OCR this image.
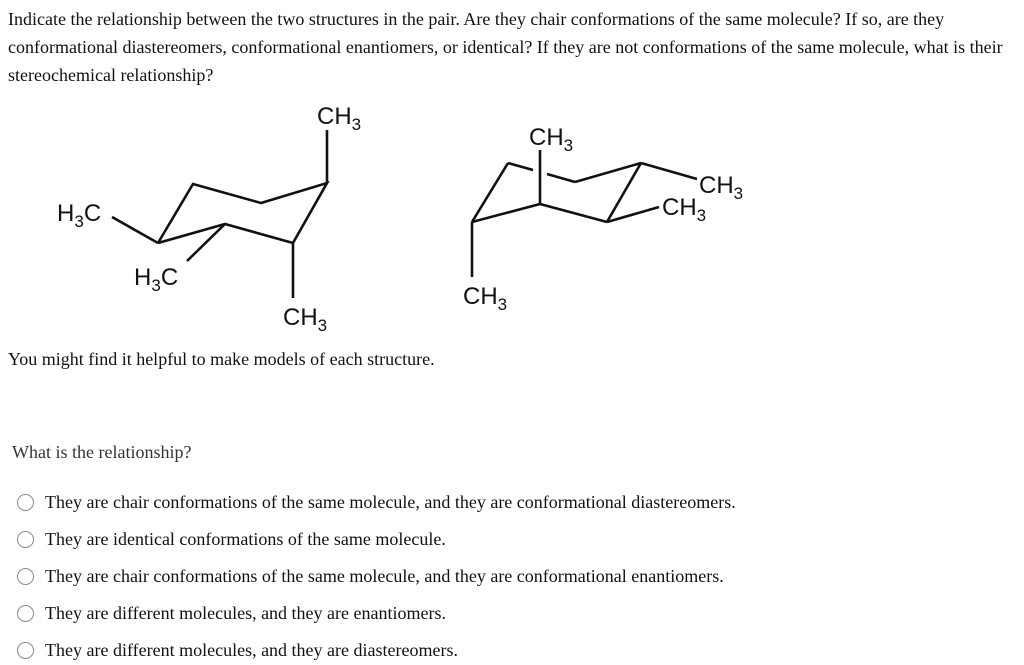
Indicate the relationship between the two structures in the pair. Are they chair conformations of the same molecule? If so, are they conformational diastereomers, conformational enantiomers, or identical? If they are not conformations of the same molecule, what is their stereochemical relationship?
$CH_3$
$H_3C$
$H_3C$
$CH_3$
$CH_3$
$CH_3$
$CH_3$
$CH_3$
You might find it helpful to make models of each structure.
What is the relationship?
They are chair conformations of the same molecule, and they are conformational diastereomers.
They are identical conformations of the same molecule.
They are chair conformations of the same molecule, and they are conformational enantiomers.
They are different molecules, and they are enantiomers.
They are different molecules, and they are diastereomers.
